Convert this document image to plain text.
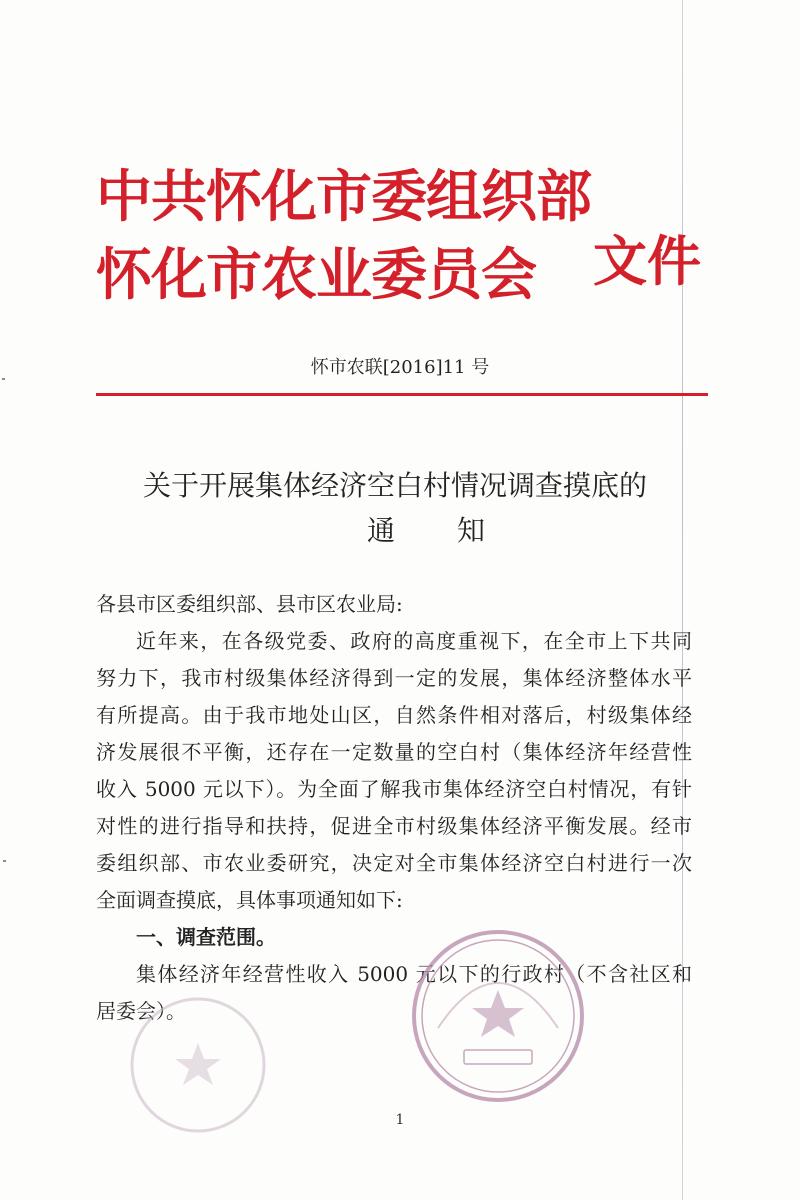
中共怀化市委组织部
怀化市农业委员会 文件
怀市农联[2016]11 号
关于开展集体经济空白村情况调查摸底的
通知
各县市区委组织部、县市区农业局:
近年来，在各级党委、政府的高度重视下，在全市上下共同
努力下，我市村级集体经济得到一定的发展，集体经济整体水平
有所提高。由于我市地处山区，自然条件相对落后，村级集体经
济发展很不平衡，还存在一定数量的空白村（集体经济年经营性
收入 5000 元以下）。为全面了解我市集体经济空白村情况，有针
对性的进行指导和扶持，促进全市村级集体经济平衡发展。经市
委组织部、市农业委研究，决定对全市集体经济空白村进行一次
全面调查摸底，具体事项通知如下:
一、调查范围。
集体经济年经营性收入 5000 元以下的行政村（不含社区和
居委会）。
1
